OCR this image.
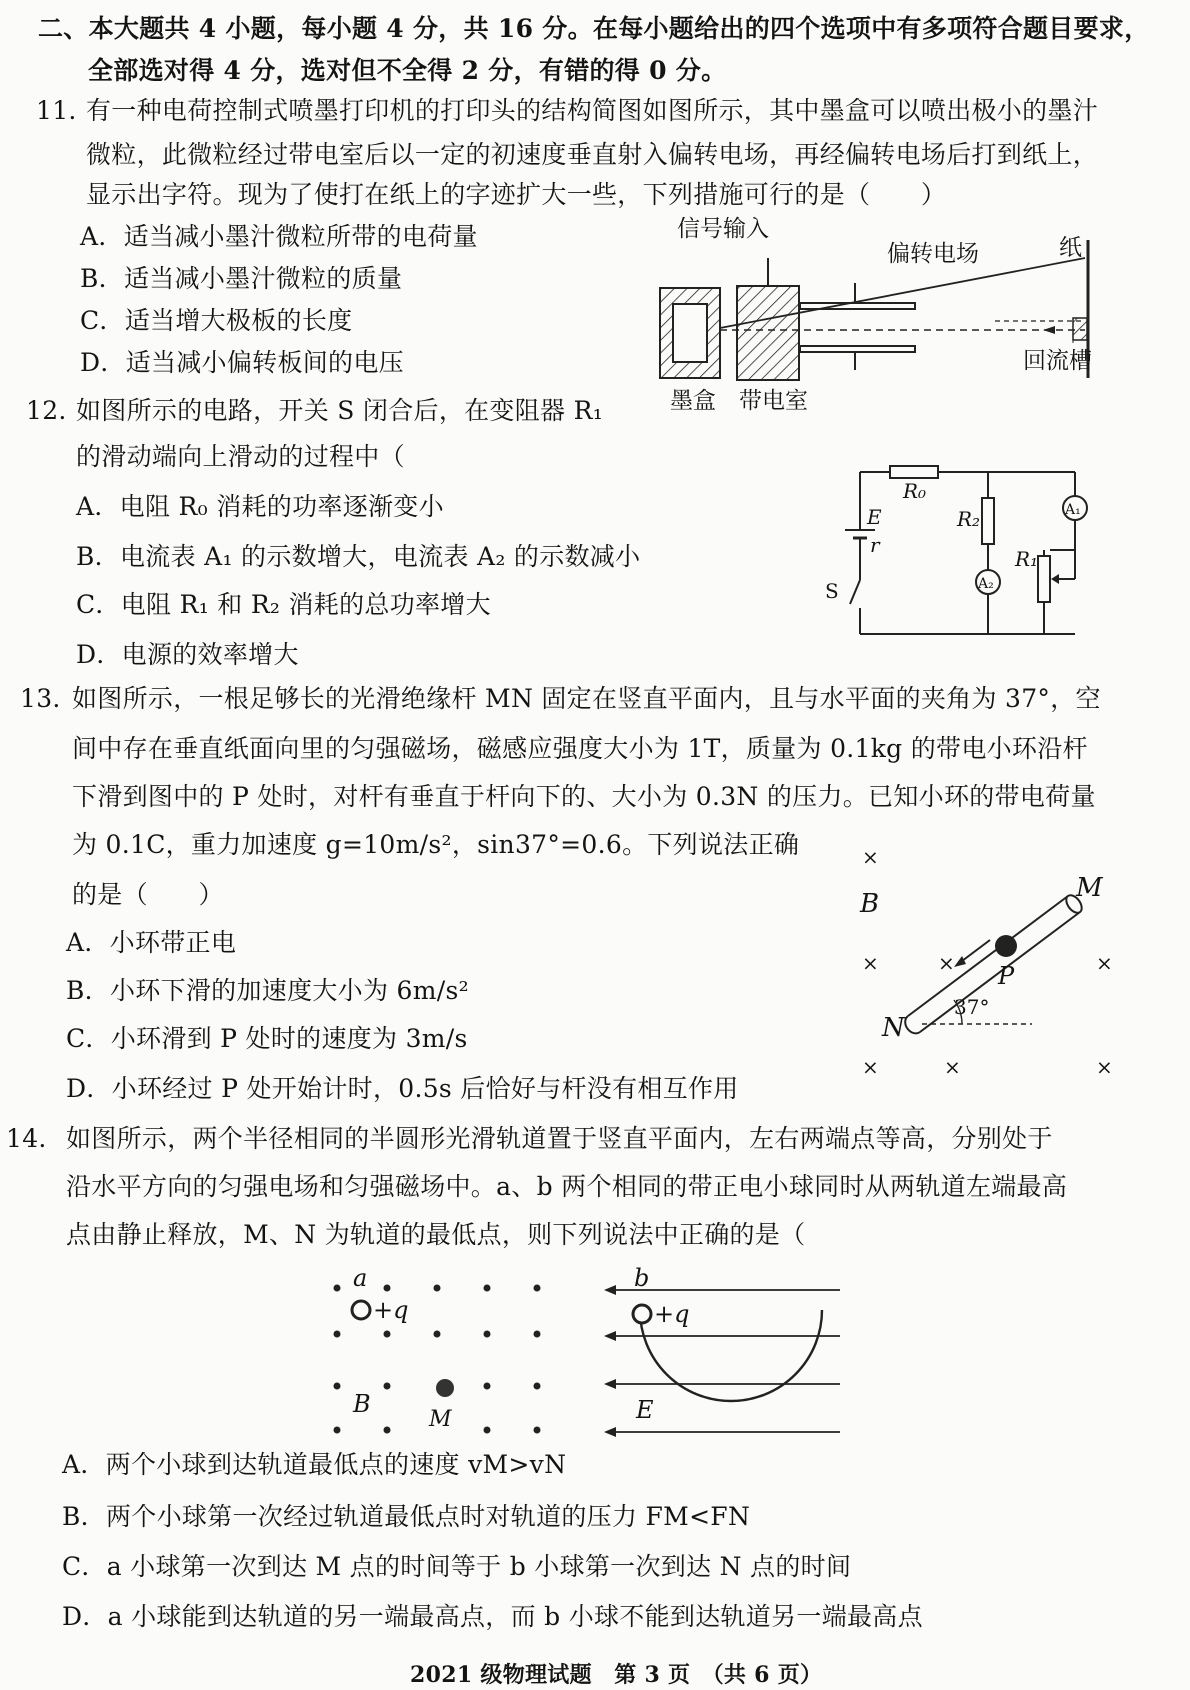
二、本大题共 4 小题，每小题 4 分，共 16 分。在每小题给出的四个选项中有多项符合题目要求，
全部选对得 4 分，选对但不全得 2 分，有错的得 0 分。
11. 有一种电荷控制式喷墨打印机的打印头的结构简图如图所示，其中墨盒可以喷出极小的墨汁
微粒，此微粒经过带电室后以一定的初速度垂直射入偏转电场，再经偏转电场后打到纸上，
显示出字符。现为了使打在纸上的字迹扩大一些，下列措施可行的是（　　）
A．适当减小墨汁微粒所带的电荷量
B．适当减小墨汁微粒的质量
C．适当增大极板的长度
D．适当减小偏转板间的电压
信号输入
偏转电场	纸
回流槽
墨盒 带电室
12. 如图所示的电路，开关 S 闭合后，在变阻器 R₁
的滑动端向上滑动的过程中（
A．电阻 R₀ 消耗的功率逐渐变小
B．电流表 A₁ 的示数增大，电流表 A₂ 的示数减小
C．电阻 R₁ 和 R₂ 消耗的总功率增大
D．电源的效率增大
R₀
E
r
R₂	A₁
R₁
A₂
S
13. 如图所示，一根足够长的光滑绝缘杆 MN 固定在竖直平面内，且与水平面的夹角为 37°，空
间中存在垂直纸面向里的匀强磁场，磁感应强度大小为 1T，质量为 0.1kg 的带电小环沿杆
下滑到图中的 P 处时，对杆有垂直于杆向下的、大小为 0.3N 的压力。已知小环的带电荷量
为 0.1C，重力加速度 g=10m/s²，sin37°=0.6。下列说法正确
的是（　　）
A．小环带正电
B．小环下滑的加速度大小为 6m/s²
C．小环滑到 P 处时的速度为 3m/s
D．小环经过 P 处开始计时，0.5s 后恰好与杆没有相互作用
×
×	×	×
×	×	×
B
M
N
P
37°
14. 如图所示，两个半径相同的半圆形光滑轨道置于竖直平面内，左右两端点等高，分别处于
沿水平方向的匀强电场和匀强磁场中。a、b 两个相同的带正电小球同时从两轨道左端最高
点由静止释放，M、N 为轨道的最低点，则下列说法中正确的是（
a
+q
B
M
b
+q
E
A．两个小球到达轨道最低点的速度 vM>vN
B．两个小球第一次经过轨道最低点时对轨道的压力 FM<FN
C．a 小球第一次到达 M 点的时间等于 b 小球第一次到达 N 点的时间
D．a 小球能到达轨道的另一端最高点，而 b 小球不能到达轨道另一端最高点
2021 级物理试题　第 3 页　（共 6 页）
